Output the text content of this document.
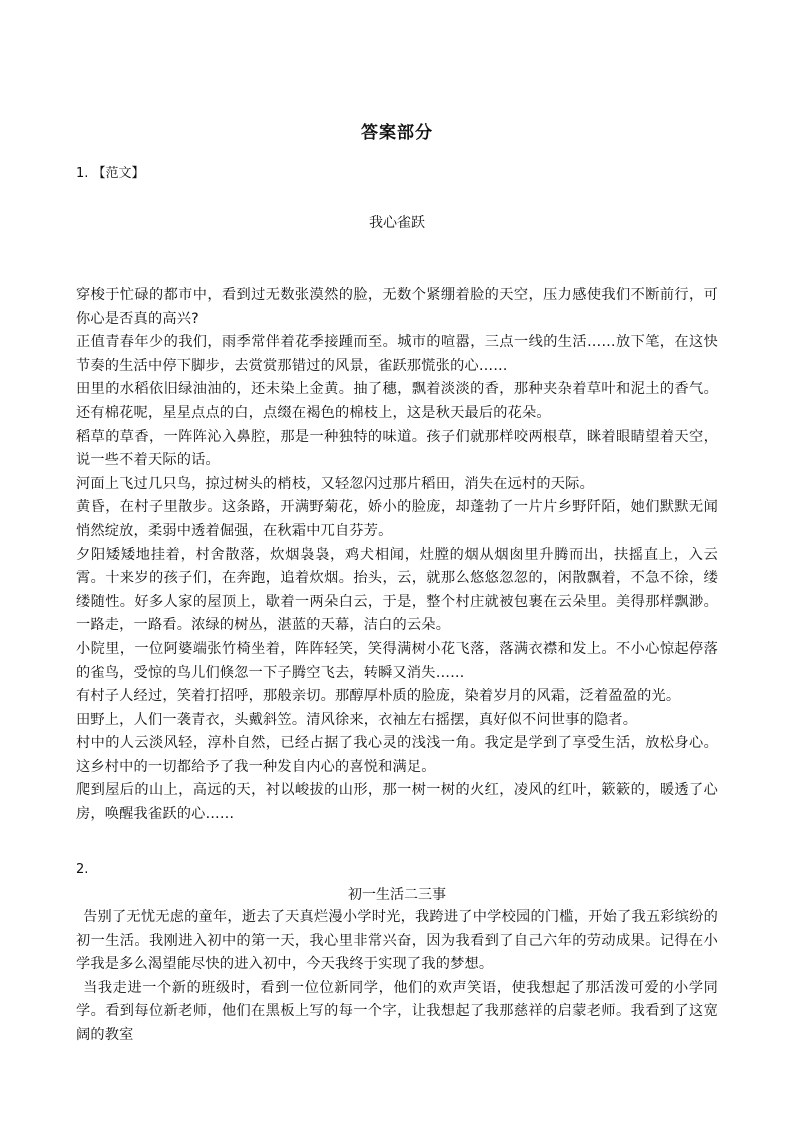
答案部分
1. 【范文】
我心雀跃

穿梭于忙碌的都市中，看到过无数张漠然的脸，无数个紧绷着脸的天空，压力感使我们不断前行，可你心是否真的高兴?

正值青春年少的我们，雨季常伴着花季接踵而至。城市的喧嚣，三点一线的生活……放下笔，在这快节奏的生活中停下脚步，去赏赏那错过的风景，雀跃那慌张的心……

田里的水稻依旧绿油油的，还未染上金黄。抽了穗，飘着淡淡的香，那种夹杂着草叶和泥土的香气。还有棉花呢，星星点点的白，点缀在褐色的棉枝上，这是秋天最后的花朵。

稻草的草香，一阵阵沁入鼻腔，那是一种独特的味道。孩子们就那样咬两根草，眯着眼睛望着天空，说一些不着天际的话。

河面上飞过几只鸟，掠过树头的梢枝，又轻忽闪过那片稻田，消失在远村的天际。

黄昏，在村子里散步。这条路，开满野菊花，娇小的脸庞，却蓬勃了一片片乡野阡陌，她们默默无闻悄然绽放，柔弱中透着倔强，在秋霜中兀自芬芳。

夕阳矮矮地挂着，村舍散落，炊烟袅袅，鸡犬相闻，灶膛的烟从烟囱里升腾而出，扶摇直上，入云霄。十来岁的孩子们，在奔跑，追着炊烟。抬头，云，就那么悠悠忽忽的，闲散飘着，不急不徐，缕缕随性。好多人家的屋顶上，歇着一两朵白云，于是，整个村庄就被包裹在云朵里。美得那样飘渺。一路走，一路看。浓绿的树丛，湛蓝的天幕，洁白的云朵。

小院里，一位阿婆端张竹椅坐着，阵阵轻笑，笑得满树小花飞落，落满衣襟和发上。不小心惊起停落的雀鸟，受惊的鸟儿们倏忽一下子腾空飞去，转瞬又消失……

有村子人经过，笑着打招呼，那般亲切。那醇厚朴质的脸庞，染着岁月的风霜，泛着盈盈的光。

田野上，人们一袭青衣，头戴斜笠。清风徐来，衣袖左右摇摆，真好似不问世事的隐者。

村中的人云淡风轻，淳朴自然，已经占据了我心灵的浅浅一角。我定是学到了享受生活，放松身心。这乡村中的一切都给予了我一种发自内心的喜悦和满足。

爬到屋后的山上，高远的天，衬以峻拔的山形，那一树一树的火红，凌风的红叶，簌簌的，暖透了心房，唤醒我雀跃的心……

2.
初一生活二三事

告别了无忧无虑的童年，逝去了天真烂漫小学时光，我跨进了中学校园的门槛，开始了我五彩缤纷的初一生活。我刚进入初中的第一天，我心里非常兴奋，因为我看到了自己六年的劳动成果。记得在小学我是多么渴望能尽快的进入初中，今天我终于实现了我的梦想。

当我走进一个新的班级时，看到一位位新同学，他们的欢声笑语，使我想起了那活泼可爱的小学同学。看到每位新老师，他们在黑板上写的每一个字，让我想起了我那慈祥的启蒙老师。我看到了这宽阔的教室
